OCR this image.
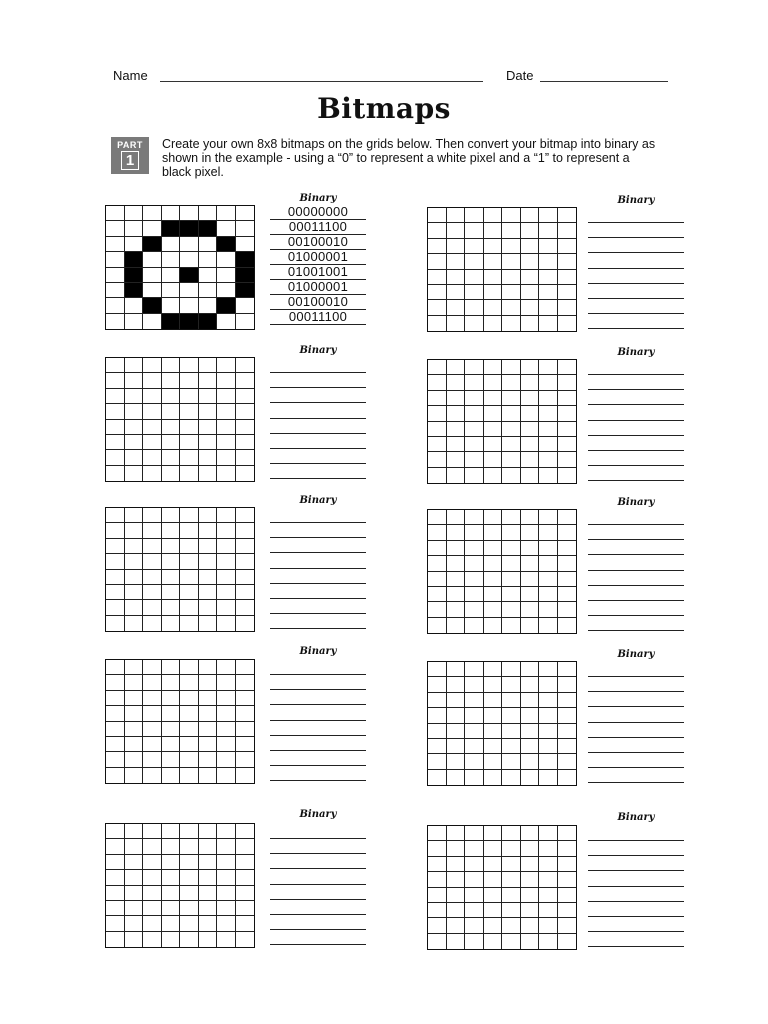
Name	Date
Bitmaps
PART
1
Create your own 8x8 bitmaps on the grids below. Then convert your bitmap into binary as shown in the example - using a “0” to represent a white pixel and a “1” to represent a black pixel.
Binary
00000000
00011100
00100010
01000001
01001001
01000001
00100010
00011100
Binary
Binary	Binary
Binary	Binary
Binary	Binary
Binary	Binary
